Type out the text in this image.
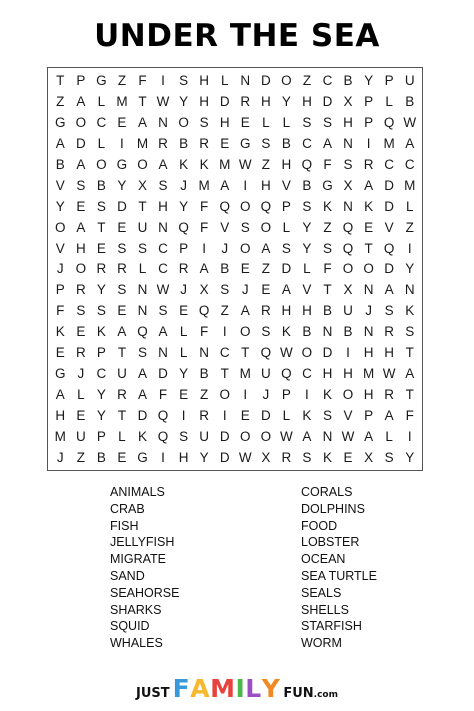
UNDER THE SEA
T P G Z F	I	S H L N D O Z C B Y P U
Z A L M T W Y H D R H Y H D X P L B
G O C E A N O S H E L L S S H P Q W
A D L	I M R B R E G S B C A N	I M A
B A O G O A K K M W Z H Q F S R C C
V S B Y X S J M A	I	H V B G X A D M
Y E S D T H Y F Q O Q P S K N K D L
O A T E U N Q F V S O L Y Z Q E V Z
V H E S S C P	I	J O A S Y S Q T Q I
J O R R L C R A B E Z D L F O O D Y
P R Y S N W J X S J E A V T X N A N
F S S E N S E Q Z A R H H B U J S K
K E K A Q A L F	I O S K B N B N R S
E R P T S N L N C T Q W O D	I	H H T
G J C U A D Y B T M U Q C H H M W A
A L Y R A F E Z O I	J P	I	K O H R T
H E Y T D Q I	R	I	E D L K S V P A F
M U P L K Q S U D O O W A N W A L	I
J Z B E G I	H Y D W X R S K E X S Y
ANIMALS
CRAB
FISH
JELLYFISH
MIGRATE
SAND
SEAHORSE
SHARKS
SQUID
WHALES
CORALS
DOLPHINS
FOOD
LOBSTER
OCEAN
SEA TURTLE
SEALS
SHELLS
STARFISH
WORM
JUST FAMILY FUN .com
